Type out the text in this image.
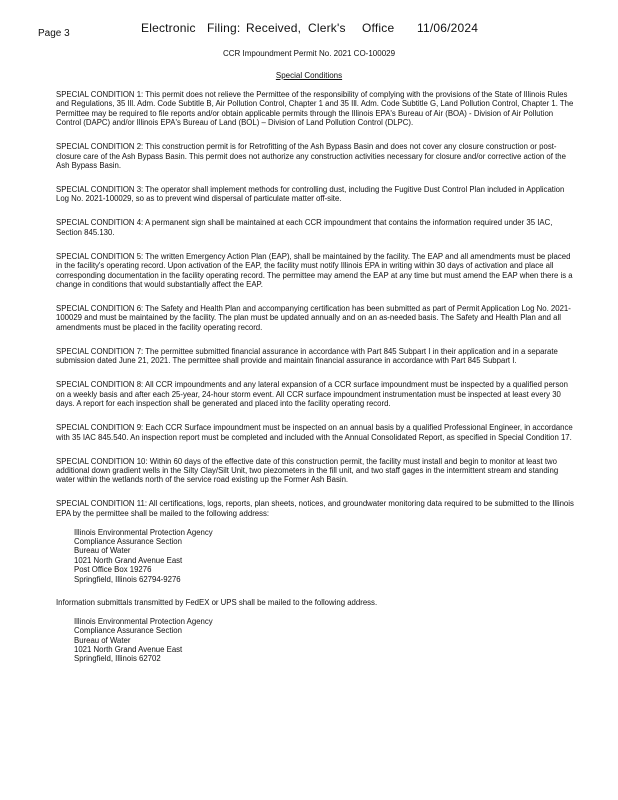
Page 3	Electronic Filing: Received, Clerk's Office 11/06/2024
CCR Impoundment Permit No. 2021 CO-100029
Special Conditions

SPECIAL CONDITION 1: This permit does not relieve the Permittee of the responsibility of complying with the provisions of the State of Illinois Rules and Regulations, 35 Ill. Adm. Code Subtitle B, Air Pollution Control, Chapter 1 and 35 Ill. Adm. Code Subtitle G, Land Pollution Control, Chapter 1. The Permittee may be required to file reports and/or obtain applicable permits through the Illinois EPA's Bureau of Air (BOA) - Division of Air Pollution Control (DAPC) and/or Illinois EPA's Bureau of Land (BOL) – Division of Land Pollution Control (DLPC).

SPECIAL CONDITION 2: This construction permit is for Retrofitting of the Ash Bypass Basin and does not cover any closure construction or post-closure care of the Ash Bypass Basin. This permit does not authorize any construction activities necessary for closure and/or corrective action of the Ash Bypass Basin.

SPECIAL CONDITION 3: The operator shall implement methods for controlling dust, including the Fugitive Dust Control Plan included in Application Log No. 2021-100029, so as to prevent wind dispersal of particulate matter off-site.

SPECIAL CONDITION 4: A permanent sign shall be maintained at each CCR impoundment that contains the information required under 35 IAC, Section 845.130.

SPECIAL CONDITION 5: The written Emergency Action Plan (EAP), shall be maintained by the facility. The EAP and all amendments must be placed in the facility's operating record. Upon activation of the EAP, the facility must notify Illinois EPA in writing within 30 days of activation and place all corresponding documentation in the facility operating record. The permittee may amend the EAP at any time but must amend the EAP when there is a change in conditions that would substantially affect the EAP.

SPECIAL CONDITION 6: The Safety and Health Plan and accompanying certification has been submitted as part of Permit Application Log No. 2021-100029 and must be maintained by the facility. The plan must be updated annually and on an as-needed basis. The Safety and Health Plan and all amendments must be placed in the facility operating record.

SPECIAL CONDITION 7: The permittee submitted financial assurance in accordance with Part 845 Subpart I in their application and in a separate submission dated June 21, 2021. The permittee shall provide and maintain financial assurance in accordance with Part 845 Subpart I.

SPECIAL CONDITION 8: All CCR impoundments and any lateral expansion of a CCR surface impoundment must be inspected by a qualified person on a weekly basis and after each 25-year, 24-hour storm event. All CCR surface impoundment instrumentation must be inspected at least every 30 days. A report for each inspection shall be generated and placed into the facility operating record.

SPECIAL CONDITION 9: Each CCR Surface impoundment must be inspected on an annual basis by a qualified Professional Engineer, in accordance with 35 IAC 845.540. An inspection report must be completed and included with the Annual Consolidated Report, as specified in Special Condition 17.

SPECIAL CONDITION 10: Within 60 days of the effective date of this construction permit, the facility must install and begin to monitor at least two additional down gradient wells in the Silty Clay/Silt Unit, two piezometers in the fill unit, and two staff gages in the intermittent stream and standing water within the wetlands north of the service road existing up the Former Ash Basin.

SPECIAL CONDITION 11: All certifications, logs, reports, plan sheets, notices, and groundwater monitoring data required to be submitted to the Illinois EPA by the permittee shall be mailed to the following address:

Illinois Environmental Protection Agency
Compliance Assurance Section
Bureau of Water
1021 North Grand Avenue East
Post Office Box 19276
Springfield, Illinois 62794-9276

Information submittals transmitted by FedEX or UPS shall be mailed to the following address.

Illinois Environmental Protection Agency
Compliance Assurance Section
Bureau of Water
1021 North Grand Avenue East
Springfield, Illinois 62702
